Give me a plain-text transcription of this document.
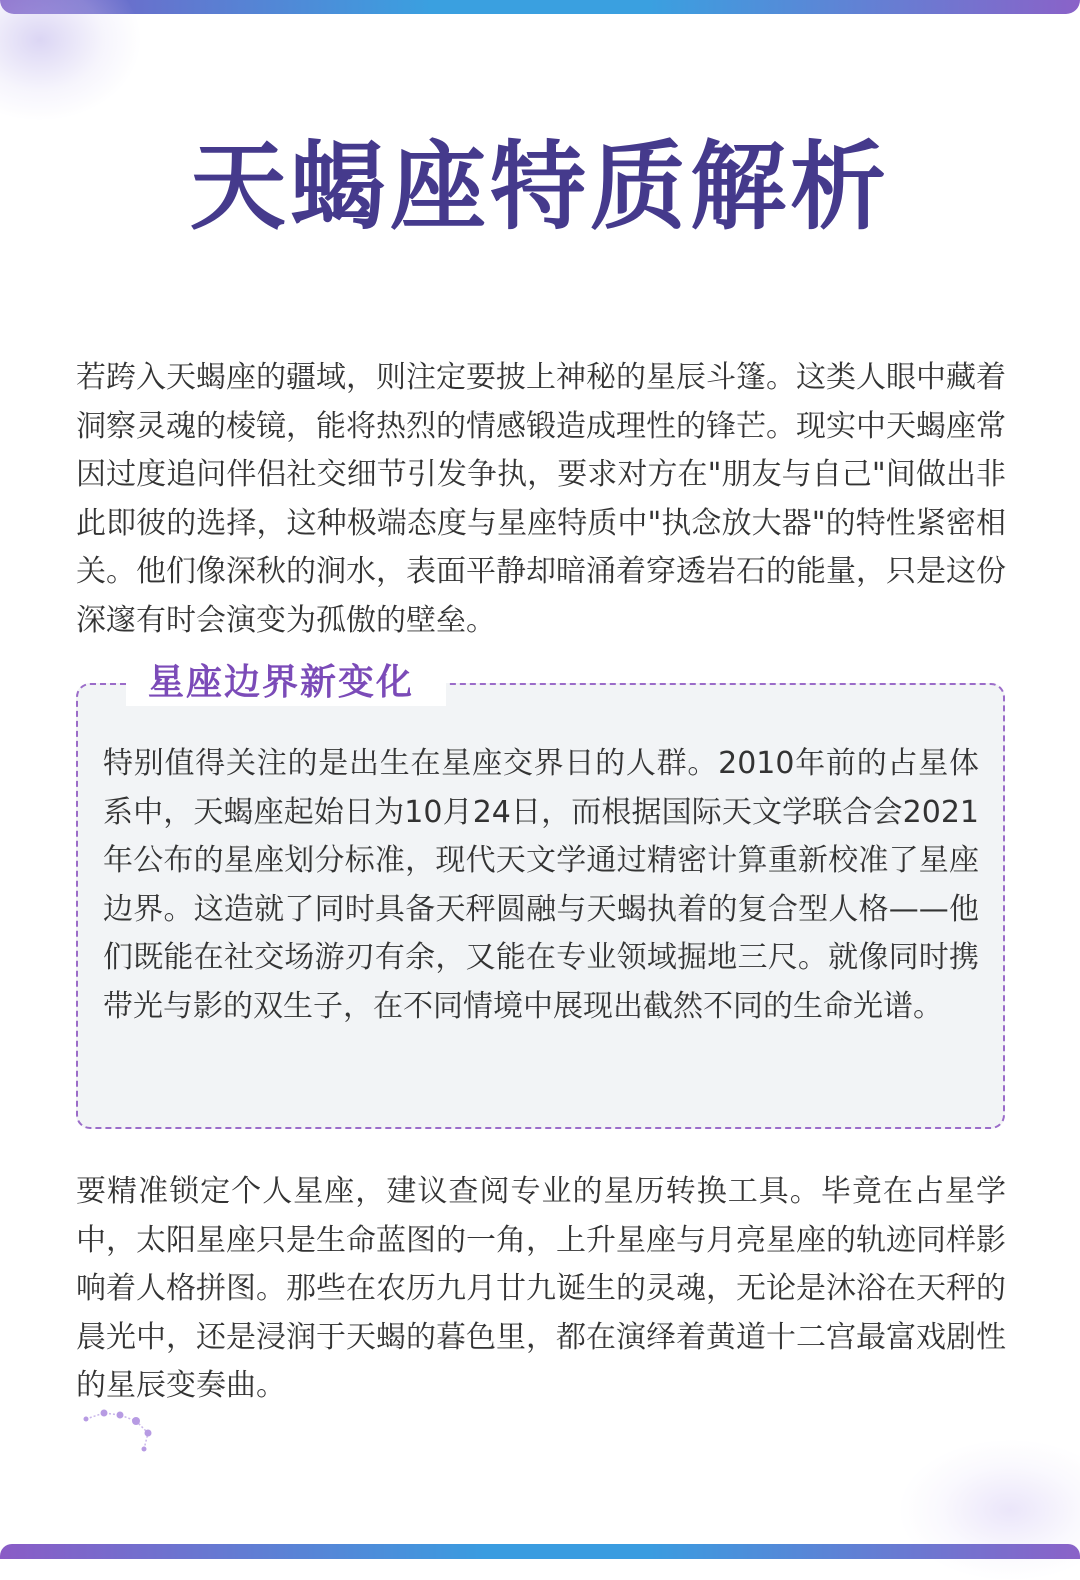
天蝎座特质解析

若跨入天蝎座的疆域，则注定要披上神秘的星辰斗篷。这类人眼中藏着洞察灵魂的棱镜，能将热烈的情感锻造成理性的锋芒。现实中天蝎座常因过度追问伴侣社交细节引发争执，要求对方在"朋友与自己"间做出非此即彼的选择，这种极端态度与星座特质中"执念放大器"的特性紧密相关。他们像深秋的涧水，表面平静却暗涌着穿透岩石的能量，只是这份深邃有时会演变为孤傲的壁垒。

星座边界新变化

特别值得关注的是出生在星座交界日的人群。2010年前的占星体系中，天蝎座起始日为10月24日，而根据国际天文学联合会2021年公布的星座划分标准，现代天文学通过精密计算重新校准了星座边界。这造就了同时具备天秤圆融与天蝎执着的复合型人格——他们既能在社交场游刃有余，又能在专业领域掘地三尺。就像同时携带光与影的双生子，在不同情境中展现出截然不同的生命光谱。

要精准锁定个人星座，建议查阅专业的星历转换工具。毕竟在占星学中，太阳星座只是生命蓝图的一角，上升星座与月亮星座的轨迹同样影响着人格拼图。那些在农历九月廿九诞生的灵魂，无论是沐浴在天秤的晨光中，还是浸润于天蝎的暮色里，都在演绎着黄道十二宫最富戏剧性的星辰变奏曲。
